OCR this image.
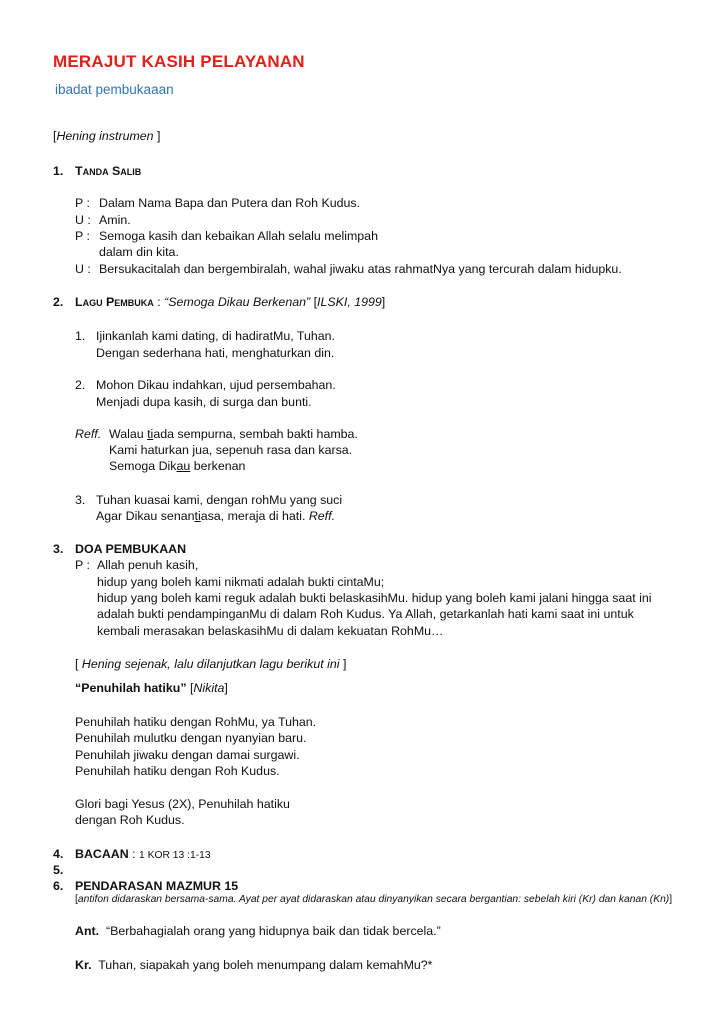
MERAJUT KASIH PELAYANAN
ibadat pembukaaan
[Hening instrumen ]
1. Tanda Salib
P : Dalam Nama Bapa dan Putera dan Roh Kudus.
U : Amin.
P : Semoga kasih dan kebaikan Allah selalu melimpah
dalam din kita.
U : Bersukacitalah dan bergembiralah, wahal jiwaku atas rahmatNya yang tercurah dalam hidupku.
2. Lagu Pembuka : “Semoga Dikau Berkenan” [ILSKI, 1999]
1. Ijinkanlah kami dating, di hadiratMu, Tuhan.
Dengan sederhana hati, menghaturkan din.
2. Mohon Dikau indahkan, ujud persembahan.
Menjadi dupa kasih, di surga dan bunti.
Reff. Walau tiada sempurna, sembah bakti hamba.
Kami haturkan jua, sepenuh rasa dan karsa.
Semoga Dikau berkenan
3. Tuhan kuasai kami, dengan rohMu yang suci
Agar Dikau senantiasa, meraja di hati. Reff.
3. DOA PEMBUKAAN
P : Allah penuh kasih,
hidup yang boleh kami nikmati adalah bukti cintaMu;
hidup yang boleh kami reguk adalah bukti belaskasihMu. hidup yang boleh kami jalani hingga saat ini
adalah bukti pendampinganMu di dalam Roh Kudus. Ya Allah, getarkanlah hati kami saat ini untuk
kembali merasakan belaskasihMu di dalam kekuatan RohMu…
[ Hening sejenak, lalu dilanjutkan lagu berikut ini ]
“Penuhilah hatiku” [Nikita]
Penuhilah hatiku dengan RohMu, ya Tuhan.
Penuhilah mulutku dengan nyanyian baru.
Penuhilah jiwaku dengan damai surgawi.
Penuhilah hatiku dengan Roh Kudus.
Glori bagi Yesus (2X), Penuhilah hatiku
dengan Roh Kudus.
4. BACAAN : 1 KOR 13 :1-13
5.
6. PENDARASAN MAZMUR 15
[antifon didaraskan bersama-sama. Ayat per ayat didaraskan atau dinyanyikan secara bergantian: sebelah kiri (Kr) dan kanan (Kn)]
Ant. “Berbahagialah orang yang hidupnya baik dan tidak bercela.”
Kr. Tuhan, siapakah yang boleh menumpang dalam kemahMu?*
